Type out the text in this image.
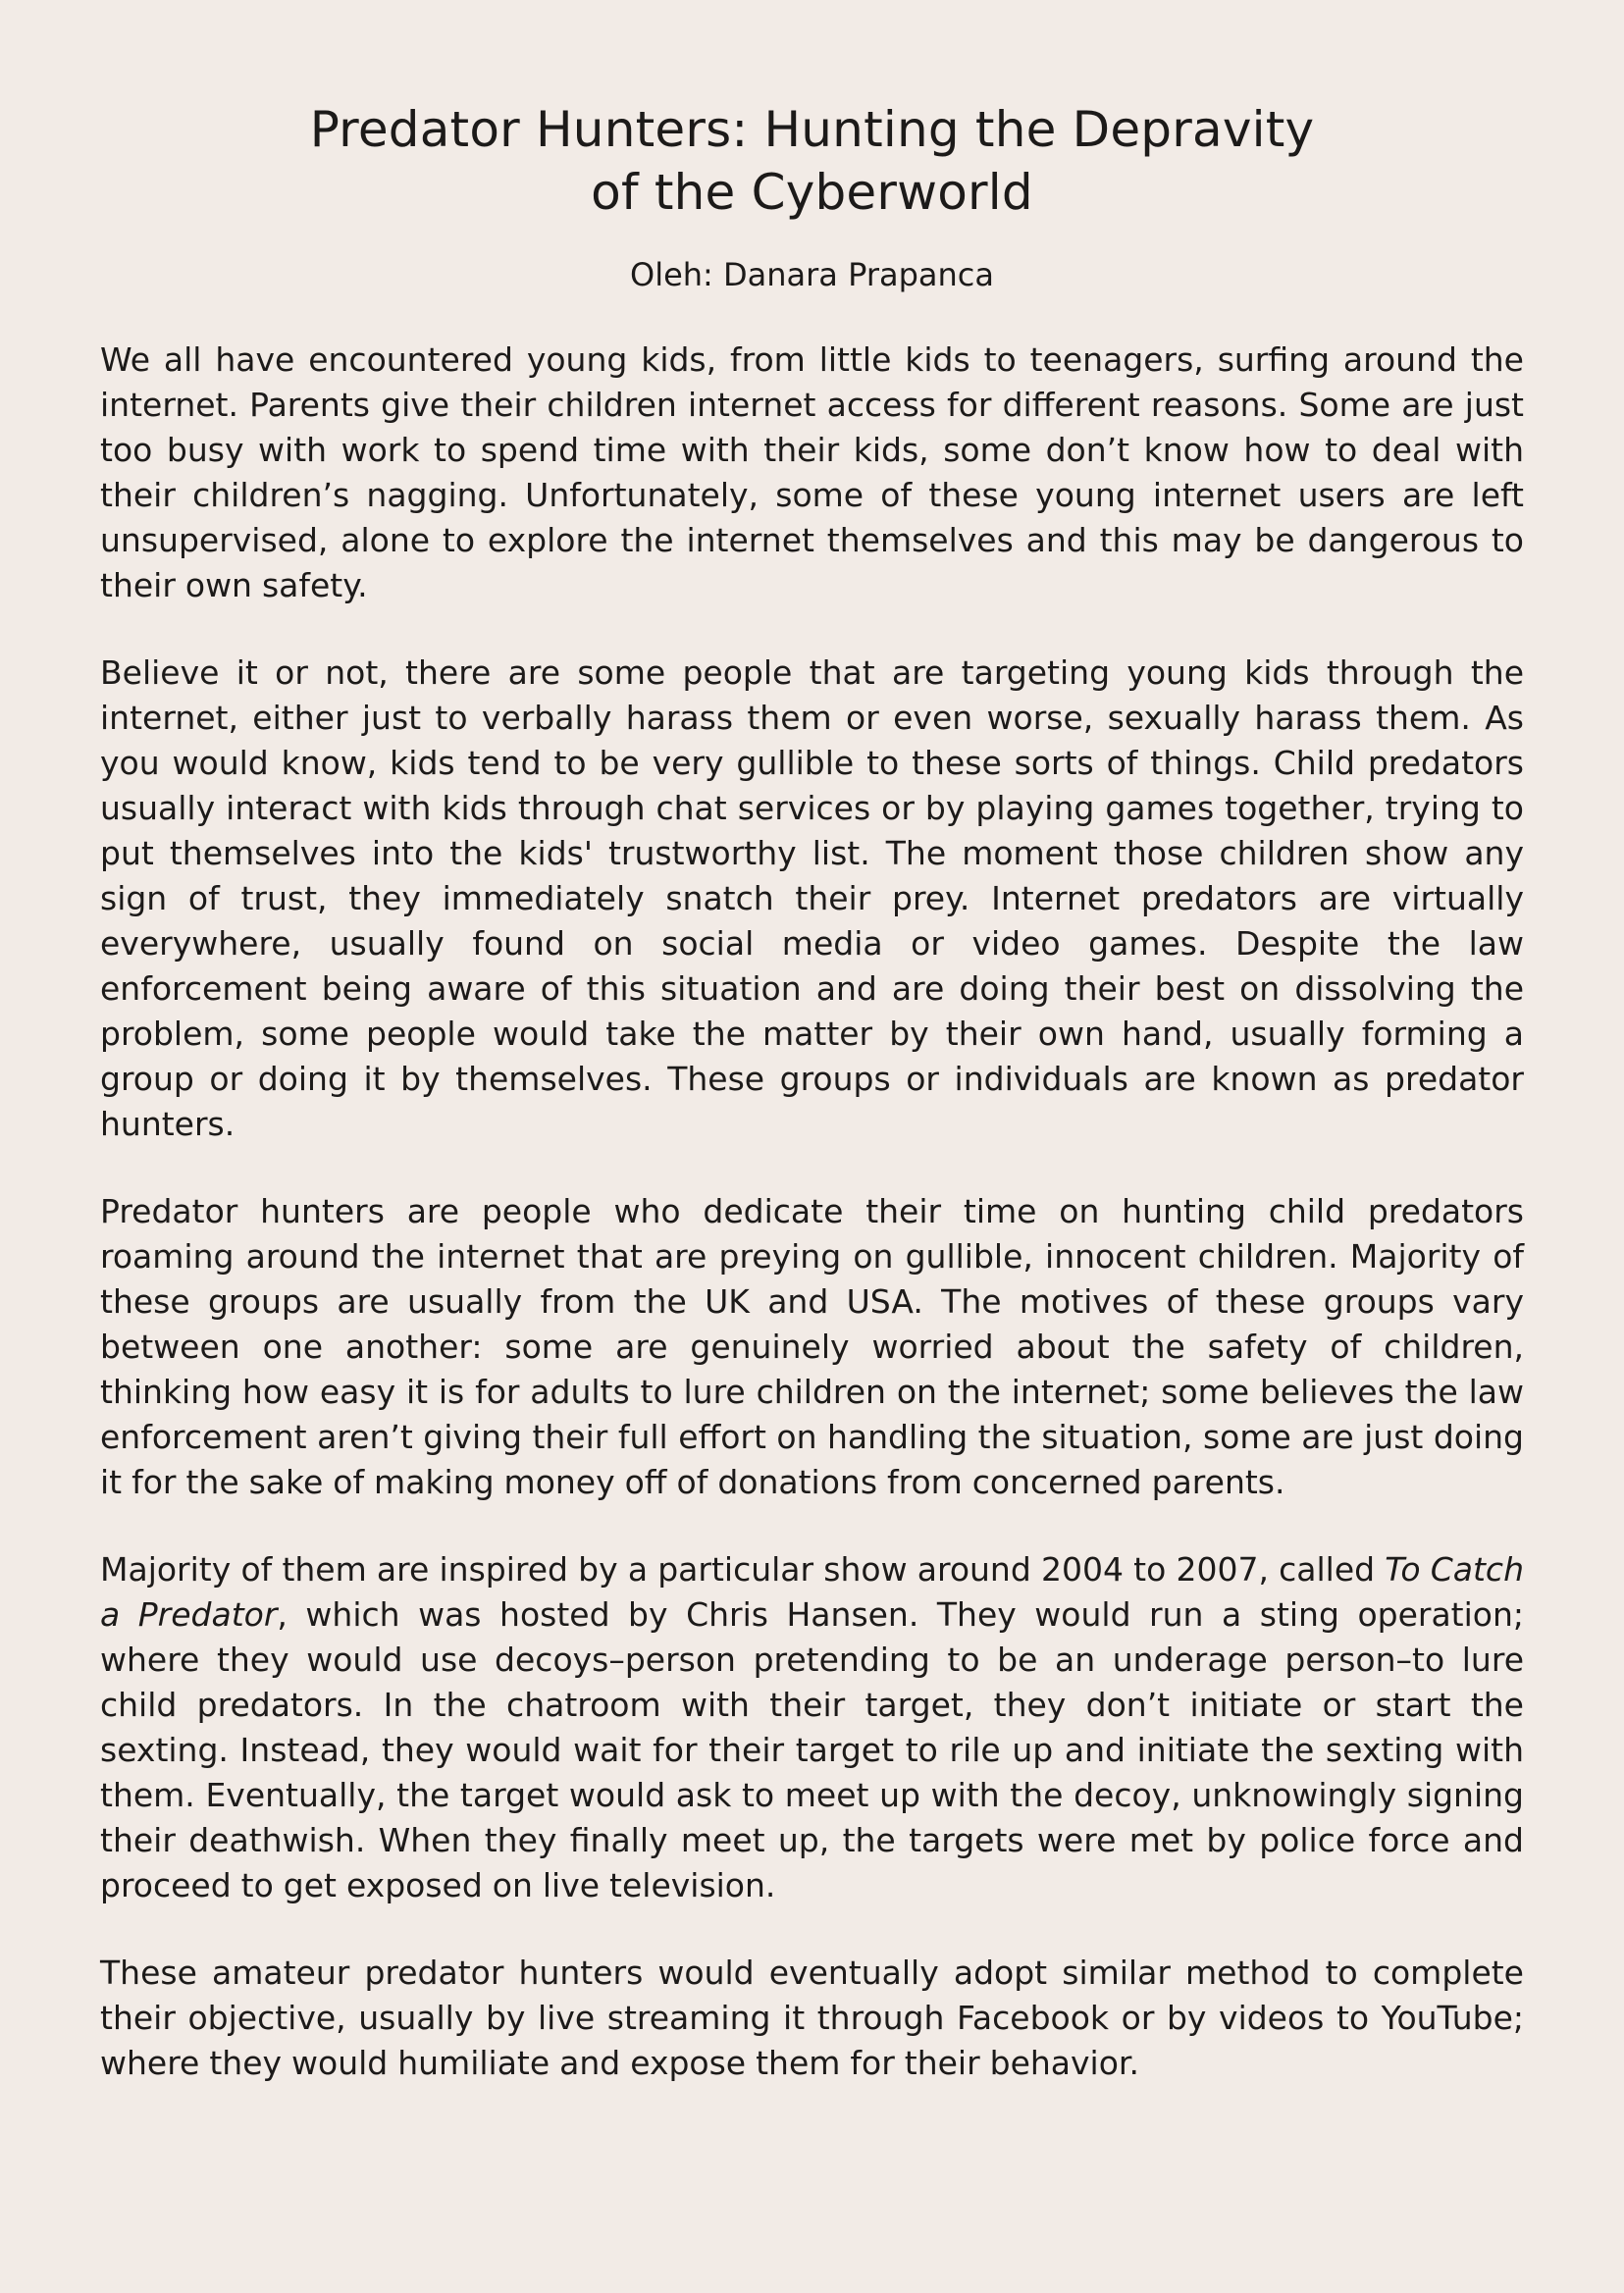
Predator Hunters: Hunting the Depravity
of the Cyberworld

Oleh: Danara Prapanca

We all have encountered young kids, from little kids to teenagers, surfing around the internet. Parents give their children internet access for different reasons. Some are just too busy with work to spend time with their kids, some don’t know how to deal with their children’s nagging. Unfortunately, some of these young internet users are left unsupervised, alone to explore the internet themselves and this may be dangerous to their own safety.

Believe it or not, there are some people that are targeting young kids through the internet, either just to verbally harass them or even worse, sexually harass them. As you would know, kids tend to be very gullible to these sorts of things. Child predators usually interact with kids through chat services or by playing games together, trying to put themselves into the kids' trustworthy list. The moment those children show any sign of trust, they immediately snatch their prey. Internet predators are virtually everywhere, usually found on social media or video games. Despite the law enforcement being aware of this situation and are doing their best on dissolving the problem, some people would take the matter by their own hand, usually forming a group or doing it by themselves. These groups or individuals are known as predator hunters.

Predator hunters are people who dedicate their time on hunting child predators roaming around the internet that are preying on gullible, innocent children. Majority of these groups are usually from the UK and USA. The motives of these groups vary between one another: some are genuinely worried about the safety of children, thinking how easy it is for adults to lure children on the internet; some believes the law enforcement aren’t giving their full effort on handling the situation, some are just doing it for the sake of making money off of donations from concerned parents.

Majority of them are inspired by a particular show around 2004 to 2007, called To Catch a Predator, which was hosted by Chris Hansen. They would run a sting operation; where they would use decoys–person pretending to be an underage person–to lure child predators. In the chatroom with their target, they don’t initiate or start the sexting. Instead, they would wait for their target to rile up and initiate the sexting with them. Eventually, the target would ask to meet up with the decoy, unknowingly signing their deathwish. When they finally meet up, the targets were met by police force and proceed to get exposed on live television.

These amateur predator hunters would eventually adopt similar method to complete their objective, usually by live streaming it through Facebook or by videos to YouTube; where they would humiliate and expose them for their behavior.
